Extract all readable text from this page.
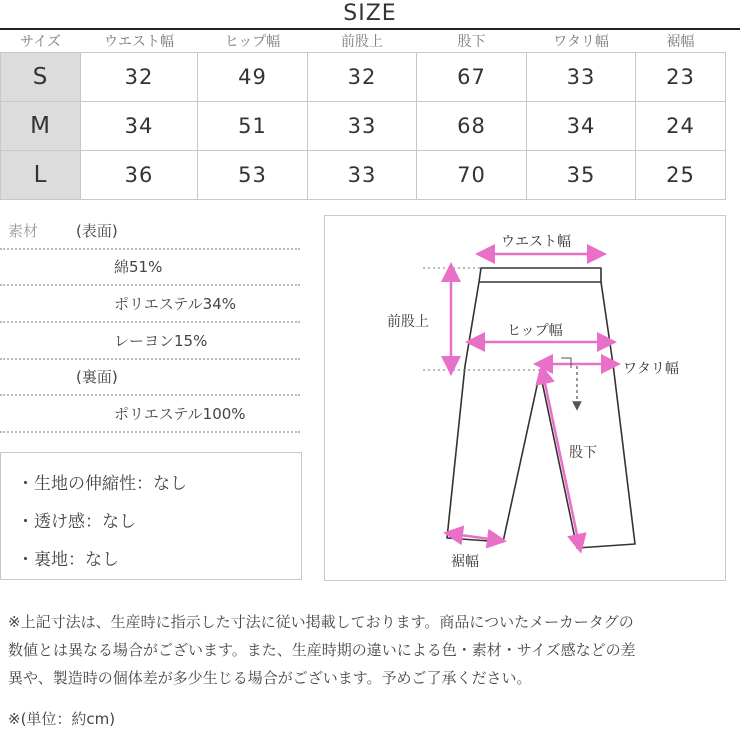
SIZE
サイズ	ウエスト幅	ヒップ幅	前股上	股下	ワタリ幅	裾幅
S	32	49	32	67	33	23
M	34	51	33	68	34	24
L	36	53	33	70	35	25
素材	(表面)
綿51%
ポリエステル34%
レーヨン15%
(裏面)
ポリエステル100%
・生地の伸縮性：なし
・透け感：なし
・裏地：なし
ウエスト幅
前股上
ヒップ幅
ワタリ幅
股下
裾幅
※上記寸法は、生産時に指示した寸法に従い掲載しております。商品についたメーカータグの
数値とは異なる場合がございます。また、生産時期の違いによる色・素材・サイズ感などの差
異や、製造時の個体差が多少生じる場合がございます。予めご了承ください。
※(単位：約cm)
